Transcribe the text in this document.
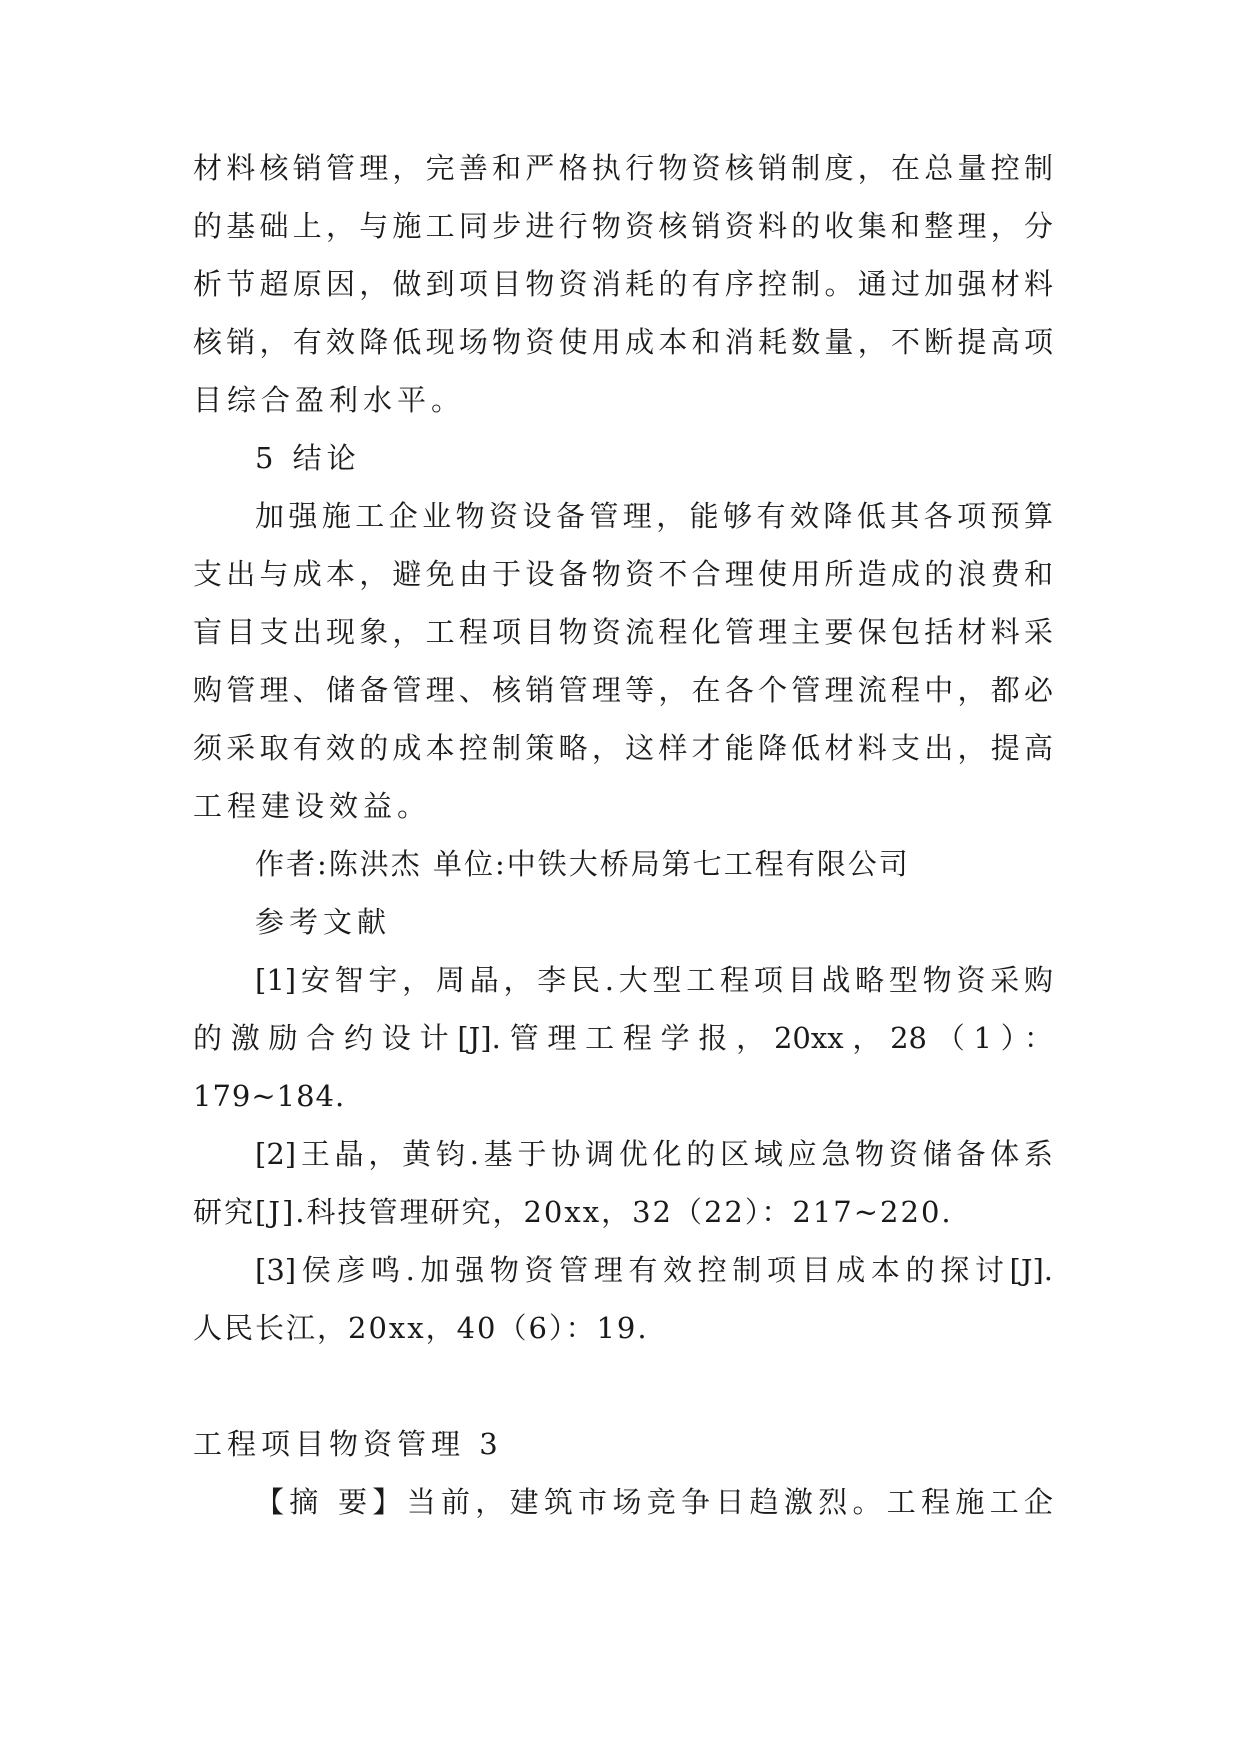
材料核销管理，完善和严格执行物资核销制度，在总量控制
的基础上，与施工同步进行物资核销资料的收集和整理，分
析节超原因，做到项目物资消耗的有序控制。通过加强材料
核销，有效降低现场物资使用成本和消耗数量，不断提高项
目综合盈利水平。
5 结论
加强施工企业物资设备管理，能够有效降低其各项预算
支出与成本，避免由于设备物资不合理使用所造成的浪费和
盲目支出现象，工程项目物资流程化管理主要保包括材料采
购管理、储备管理、核销管理等，在各个管理流程中，都必
须采取有效的成本控制策略，这样才能降低材料支出，提高
工程建设效益。
作者:陈洪杰 单位:中铁大桥局第七工程有限公司
参考文献
[1]安智宇，周晶，李民.大型工程项目战略型物资采购
的激励合约设计[J].管理工程学报，20xx，28（1）：
179~184.
[2]王晶，黄钧.基于协调优化的区域应急物资储备体系
研究[J].科技管理研究，20xx，32（22）：217~220.
[3]侯彦鸣.加强物资管理有效控制项目成本的探讨[J].
人民长江，20xx，40（6）：19.
工程项目物资管理 3
【摘 要】当前，建筑市场竞争日趋激烈。工程施工企
